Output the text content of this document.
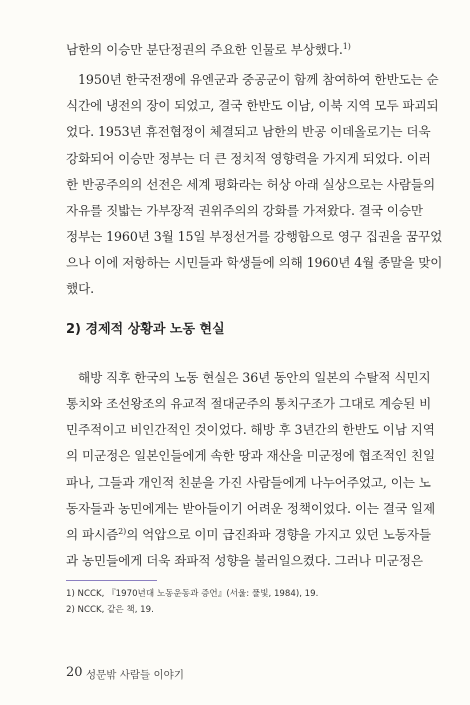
남한의 이승만 분단정권의 주요한 인물로 부상했다.$^{1)}$
1950년 한국전쟁에 유엔군과 중공군이 함께 참여하여 한반도는 순
식간에 냉전의 장이 되었고, 결국 한반도 이남, 이북 지역 모두 파괴되
었다. 1953년 휴전협정이 체결되고 남한의 반공 이데올로기는 더욱
강화되어 이승만 정부는 더 큰 정치적 영향력을 가지게 되었다. 이러
한 반공주의의 선전은 세계 평화라는 허상 아래 실상으로는 사람들의
자유를 짓밟는 가부장적 권위주의의 강화를 가져왔다. 결국 이승만
정부는 1960년 3월 15일 부정선거를 강행함으로 영구 집권을 꿈꾸었
으나 이에 저항하는 시민들과 학생들에 의해 1960년 4월 종말을 맞이
했다.
2) 경제적 상황과 노동 현실
해방 직후 한국의 노동 현실은 36년 동안의 일본의 수탈적 식민지
통치와 조선왕조의 유교적 절대군주의 통치구조가 그대로 계승된 비
민주적이고 비인간적인 것이었다. 해방 후 3년간의 한반도 이남 지역
의 미군정은 일본인들에게 속한 땅과 재산을 미군정에 협조적인 친일
파나, 그들과 개인적 친분을 가진 사람들에게 나누어주었고, 이는 노
동자들과 농민에게는 받아들이기 어려운 정책이었다. 이는 결국 일제
의 파시즘$^{2)}$의 억압으로 이미 급진좌파 경향을 가지고 있던 노동자들
과 농민들에게 더욱 좌파적 성향을 불러일으켰다. 그러나 미군정은
1) NCCK, 『1970년대 노동운동과 증언』(서울: 풀빛, 1984), 19.
2) NCCK, 같은 책, 19.
20 성문밖 사람들 이야기
